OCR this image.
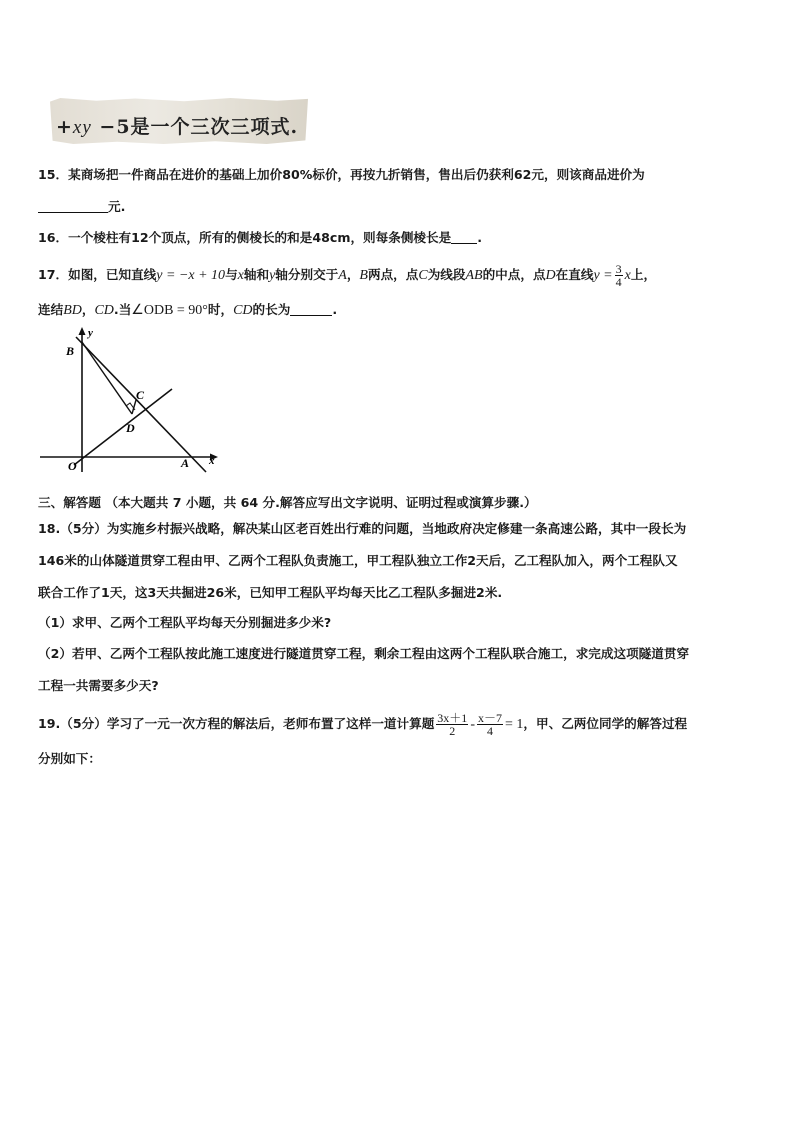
+xy −5是一个三次三项式.
15．某商场把一件商品在进价的基础上加价80%标价，再按九折销售，售出后仍获利62元，则该商品进价为
元.
16．一个棱柱有12个顶点，所有的侧棱长的和是48cm，则每条侧棱长是 .
17．如图，已知直线y = −x + 10与x轴和y轴分别交于A，B两点，点C为线段AB的中点，点D在直线$y = \frac{3}{4}$ x上，
连结BD，CD.当∠ODB = 90°时，CD的长为	.
y
x
B
C
D
O	A
三、解答题 （本大题共 7 小题，共 64 分.解答应写出文字说明、证明过程或演算步骤.）
18.（5分）为实施乡村振兴战略，解决某山区老百姓出行难的问题，当地政府决定修建一条高速公路，其中一段长为
146米的山体隧道贯穿工程由甲、乙两个工程队负责施工，甲工程队独立工作2天后，乙工程队加入，两个工程队又
联合工作了1天，这3天共掘进26米，已知甲工程队平均每天比乙工程队多掘进2米.
（1）求甲、乙两个工程队平均每天分别掘进多少米?
（2）若甲、乙两个工程队按此施工速度进行隧道贯穿工程，剩余工程由这两个工程队联合施工，求完成这项隧道贯穿
工程一共需要多少天?
19.（5分）学习了一元一次方程的解法后，老师布置了这样一道计算题 $\frac{3x+1}{2} - \frac{x-7}{4} = 1$，甲、乙两位同学的解答过程
分别如下：
